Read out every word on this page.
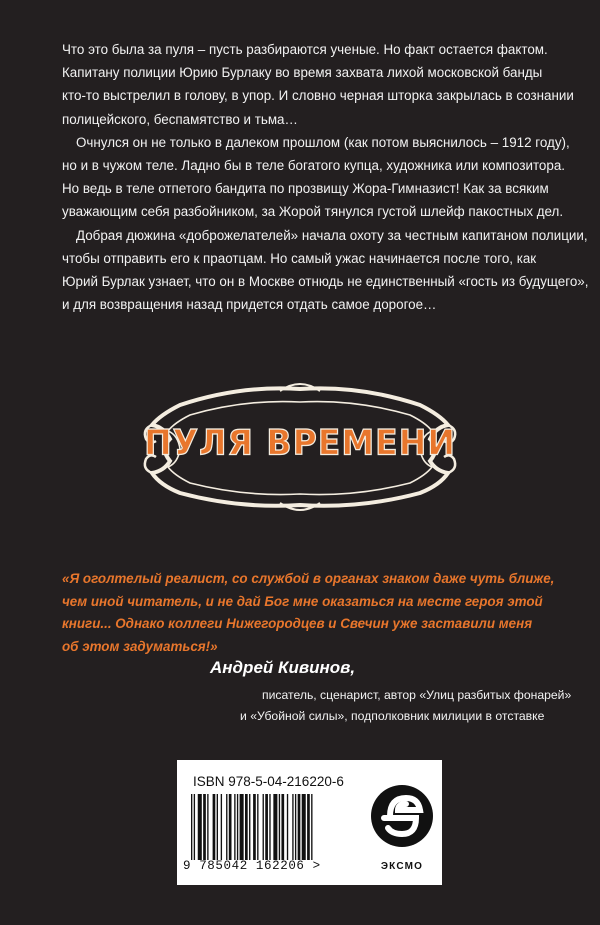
Что это была за пуля – пусть разбираются ученые. Но факт остается фактом.
Капитану полиции Юрию Бурлаку во время захвата лихой московской банды
кто-то выстрелил в голову, в упор. И словно черная шторка закрылась в сознании
полицейского, беспамятство и тьма…
Очнулся он не только в далеком прошлом (как потом выяснилось – 1912 году),
но и в чужом теле. Ладно бы в теле богатого купца, художника или композитора.
Но ведь в теле отпетого бандита по прозвищу Жора-Гимназист! Как за всяким
уважающим себя разбойником, за Жорой тянулся густой шлейф пакостных дел.
Добрая дюжина «доброжелателей» начала охоту за честным капитаном полиции,
чтобы отправить его к праотцам. Но самый ужас начинается после того, как
Юрий Бурлак узнает, что он в Москве отнюдь не единственный «гость из будущего»,
и для возвращения назад придется отдать самое дорогое…
ПУЛЯ ВРЕМЕНИ
«Я оголтелый реалист, со службой в органах знаком даже чуть ближе,
чем иной читатель, и не дай Бог мне оказаться на месте героя этой
книги... Однако коллеги Нижегородцев и Свечин уже заставили меня
об этом задуматься!»
Андрей Кивинов,
писатель, сценарист, автор «Улиц разбитых фонарей»
и «Убойной силы», подполковник милиции в отставке
ISBN 978-5-04-216220-6
9 785042 162206 >	ЭКСМО
